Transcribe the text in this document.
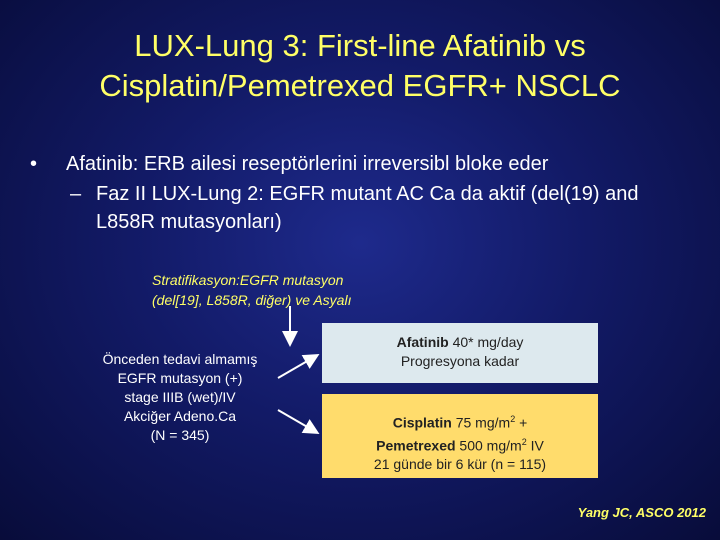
LUX-Lung 3: First-line Afatinib vs
Cisplatin/Pemetrexed EGFR+ NSCLC
• Afatinib: ERB ailesi reseptörlerini irreversibl bloke eder
– Faz II LUX-Lung 2: EGFR mutant AC Ca da aktif (del(19) and L858R mutasyonları)
Stratifikasyon:EGFR mutasyon
(del[19], L858R, diğer) ve Asyalı
Önceden tedavi almamış
EGFR mutasyon (+)
stage IIIB (wet)/IV
Akciğer Adeno.Ca
(N = 345)
Afatinib 40* mg/day
Progresyona kadar
Cisplatin 75 $mg/m^2$ +
Pemetrexed 500 $mg/m^2$ IV
21 günde bir 6 kür (n = 115)
Yang JC, ASCO 2012
